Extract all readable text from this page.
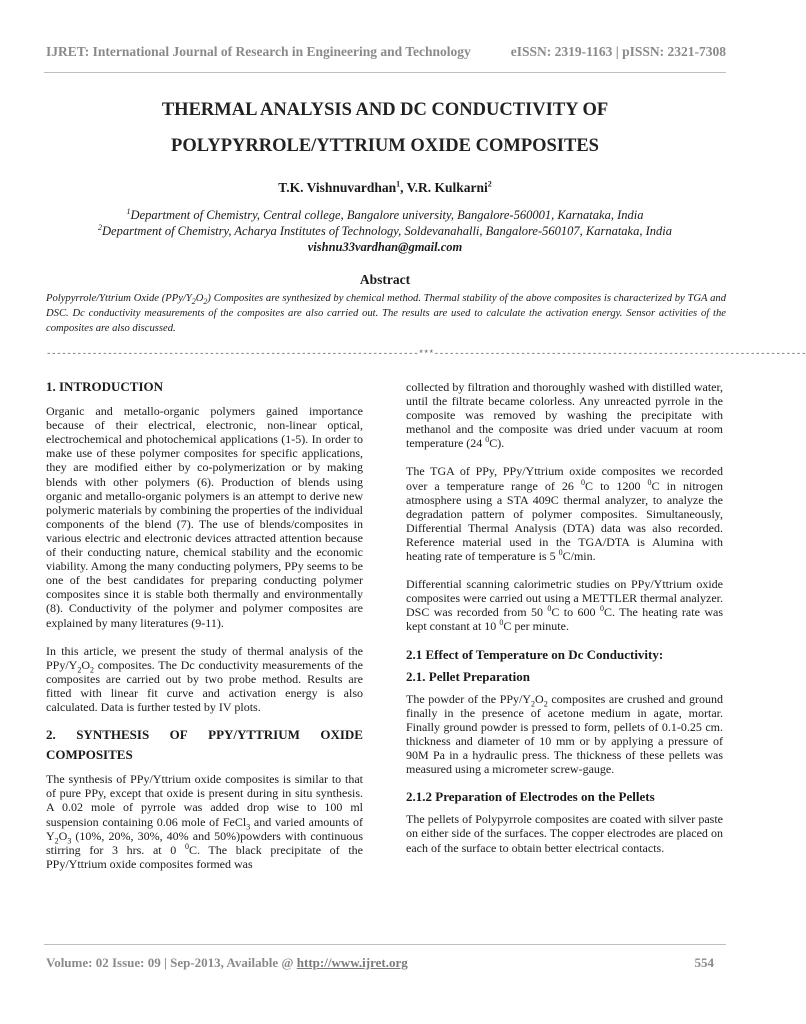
IJRET: International Journal of Research in Engineering and Technology	eISSN: 2319-1163 | pISSN: 2321-7308
THERMAL ANALYSIS AND DC CONDUCTIVITY OF
POLYPYRROLE/YTTRIUM OXIDE COMPOSITES
T.K. Vishnuvardhan$^1$, V.R. Kulkarni$^2$
$^1$Department of Chemistry, Central college, Bangalore university, Bangalore-560001, Karnataka, India
$^2$Department of Chemistry, Acharya Institutes of Technology, Soldevanahalli, Bangalore-560107, Karnataka, India
vishnu33vardhan@gmail.com
Abstract
Polypyrrole/Yttrium Oxide $(PPy/Y_2O_2)$ Composites are synthesized by chemical method. Thermal stability of the above composites is characterized by TGA and DSC. Dc conductivity measurements of the composites are also carried out. The results are used to calculate the activation energy. Sensor activities of the composites are also discussed.
-------------------------------------------------------------------------***-------------------------------------------------------------------------
1. INTRODUCTION

Organic and metallo-organic polymers gained importance because of their electrical, electronic, non-linear optical, electrochemical and photochemical applications (1-5). In order to make use of these polymer composites for specific applications, they are modified either by co-polymerization or by making blends with other polymers (6). Production of blends using organic and metallo-organic polymers is an attempt to derive new polymeric materials by combining the properties of the individual components of the blend (7). The use of blends/composites in various electric and electronic devices attracted attention because of their conducting nature, chemical stability and the economic viability. Among the many conducting polymers, PPy seems to be one of the best candidates for preparing conducting polymer composites since it is stable both thermally and environmentally (8). Conductivity of the polymer and polymer composites are explained by many literatures (9-11).

In this article, we present the study of thermal analysis of the PPy/$Y_2O_2$ composites. The Dc conductivity measurements of the composites are carried out by two probe method. Results are fitted with linear fit curve and activation energy is also calculated. Data is further tested by IV plots.

2. SYNTHESIS OF PPY/YTTRIUM OXIDE
COMPOSITES

The synthesis of PPy/Yttrium oxide composites is similar to that of pure PPy, except that oxide is present during in situ synthesis. A 0.02 mole of pyrrole was added drop wise to 100 ml suspension containing 0.06 mole of FeCl$_3$ and varied amounts of $Y_2O_3$ (10%, 20%, 30%, 40% and 50%)powders with continuous stirring for 3 hrs. at 0 $^0$C. The black precipitate of the PPy/Yttrium oxide composites formed was

collected by filtration and thoroughly washed with distilled water, until the filtrate became colorless. Any unreacted pyrrole in the composite was removed by washing the precipitate with methanol and the composite was dried under vacuum at room temperature (24 $^0$C).

The TGA of PPy, PPy/Yttrium oxide composites we recorded over a temperature range of 26 $^0$C to 1200 $^0$C in nitrogen atmosphere using a STA 409C thermal analyzer, to analyze the degradation pattern of polymer composites. Simultaneously, Differential Thermal Analysis (DTA) data was also recorded. Reference material used in the TGA/DTA is Alumina with heating rate of temperature is 5 $^0$C/min.

Differential scanning calorimetric studies on PPy/Yttrium oxide composites were carried out using a METTLER thermal analyzer. DSC was recorded from 50 $^0$C to 600 $^0$C. The heating rate was kept constant at 10 $^0$C per minute.

2.1 Effect of Temperature on Dc Conductivity:
2.1. Pellet Preparation

The powder of the PPy/$Y_2O_2$ composites are crushed and ground finally in the presence of acetone medium in agate, mortar. Finally ground powder is pressed to form, pellets of 0.1-0.25 cm. thickness and diameter of 10 mm or by applying a pressure of 90M Pa in a hydraulic press. The thickness of these pellets was measured using a micrometer screw-gauge.

2.1.2 Preparation of Electrodes on the Pellets

The pellets of Polypyrrole composites are coated with silver paste on either side of the surfaces. The copper electrodes are placed on each of the surface to obtain better electrical contacts.

Volume: 02 Issue: 09 | Sep-2013, Available @ http://www.ijret.org	554
